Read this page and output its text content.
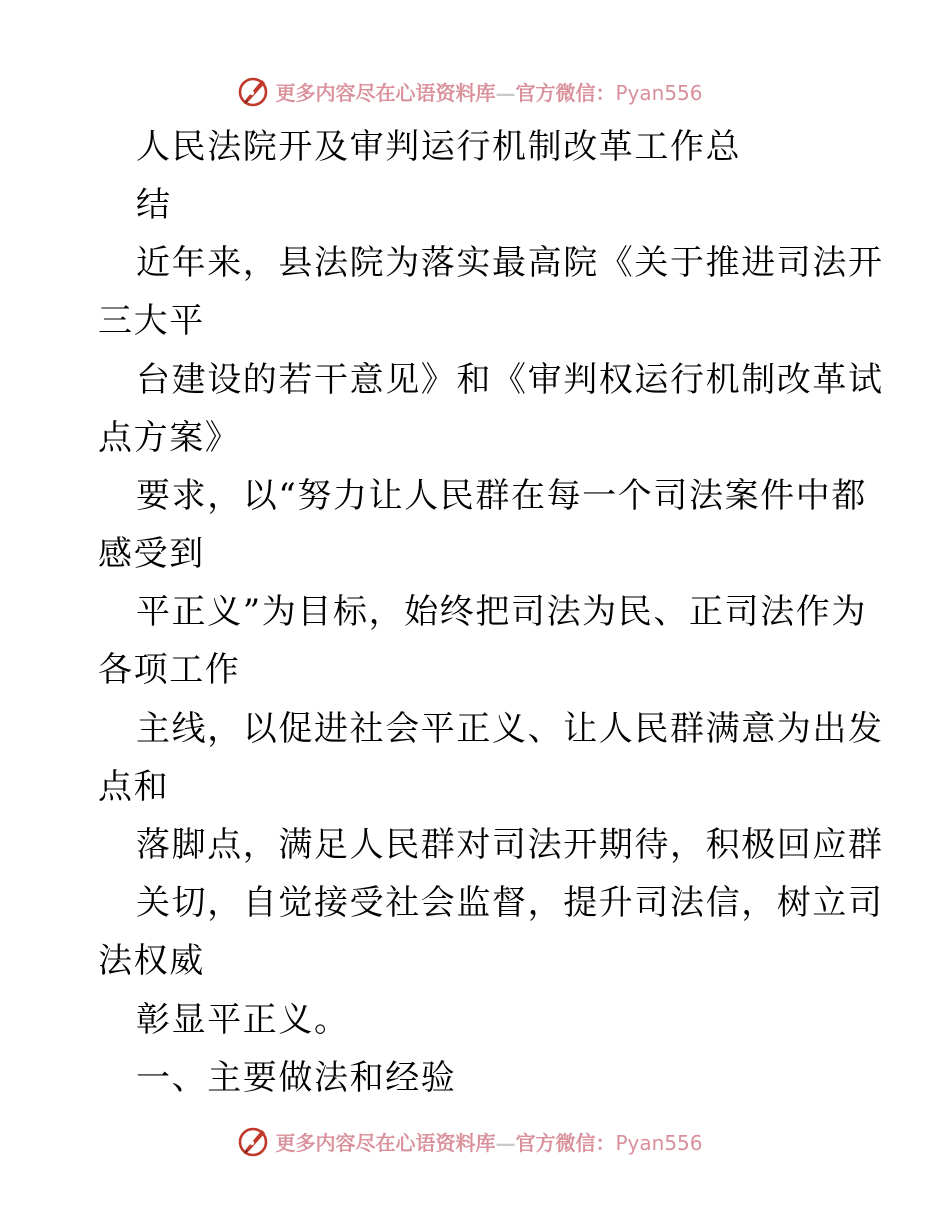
更多内容尽在心语资料库—官方微信：Pyan556
人民法院开及审判运行机制改革工作总
结
近年来，县法院为落实最高院《关于推进司法开
三大平
台建设的若干意见》和《审判权运行机制改革试
点方案》
要求，以“努力让人民群在每一个司法案件中都
感受到
平正义”为目标，始终把司法为民、正司法作为
各项工作
主线，以促进社会平正义、让人民群满意为出发
点和
落脚点，满足人民群对司法开期待，积极回应群
关切，自觉接受社会监督，提升司法信，树立司
法权威
彰显平正义。
一、主要做法和经验
更多内容尽在心语资料库—官方微信：Pyan556
